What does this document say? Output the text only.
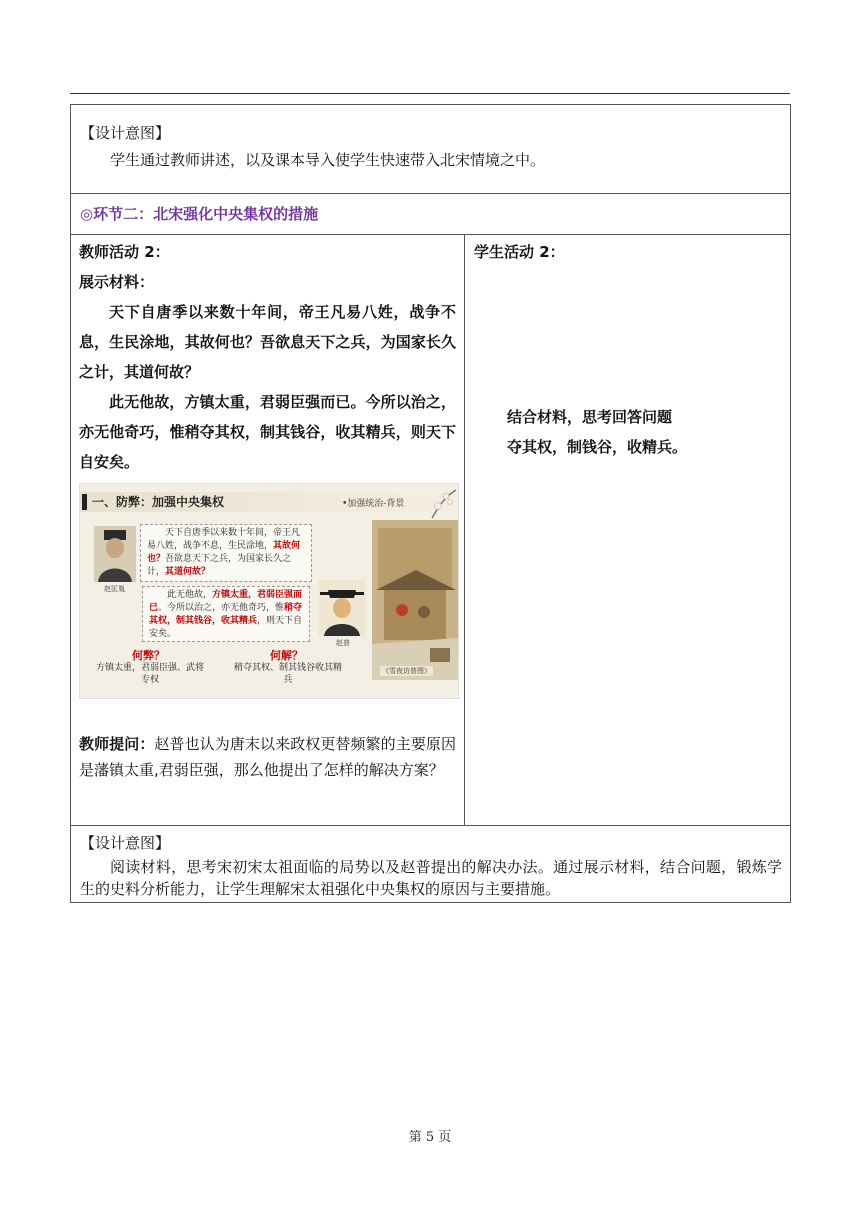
【设计意图】
学生通过教师讲述，以及课本导入使学生快速带入北宋情境之中。

◎环节二：北宋强化中央集权的措施

教师活动 2：
展示材料：

天下自唐季以来数十年间，帝王凡易八姓，战争不息，生民涂地，其故何也？吾欲息天下之兵，为国家长久之计，其道何故？

此无他故，方镇太重，君弱臣强而已。今所以治之，亦无他奇巧，惟稍夺其权，制其钱谷，收其精兵，则天下自安矣。

一、防弊：加强中央集权	•加强统治-背景
赵匡胤
天下自唐季以来数十年间，帝王凡易八姓，战争不息，生民涂地，其故何也？吾欲息天下之兵，为国家长久之计，其道何故？
此无他故，方镇太重，君弱臣强而已。今所以治之，亦无他奇巧，惟稍夺其权，制其钱谷，收其精兵，则天下自安矣。
赵普
《雪夜访普图》
何弊？
方镇太重，君弱臣强、武将专权
何解？
稍夺其权、制其钱谷收其精兵
教师提问：赵普也认为唐末以来政权更替频繁的主要原因是藩镇太重,君弱臣强，那么他提出了怎样的解决方案？

学生活动 2：
结合材料，思考回答问题
夺其权，制钱谷，收精兵。

【设计意图】
阅读材料，思考宋初宋太祖面临的局势以及赵普提出的解决办法。通过展示材料，结合问题，锻炼学生的史料分析能力，让学生理解宋太祖强化中央集权的原因与主要措施。
第 5 页
